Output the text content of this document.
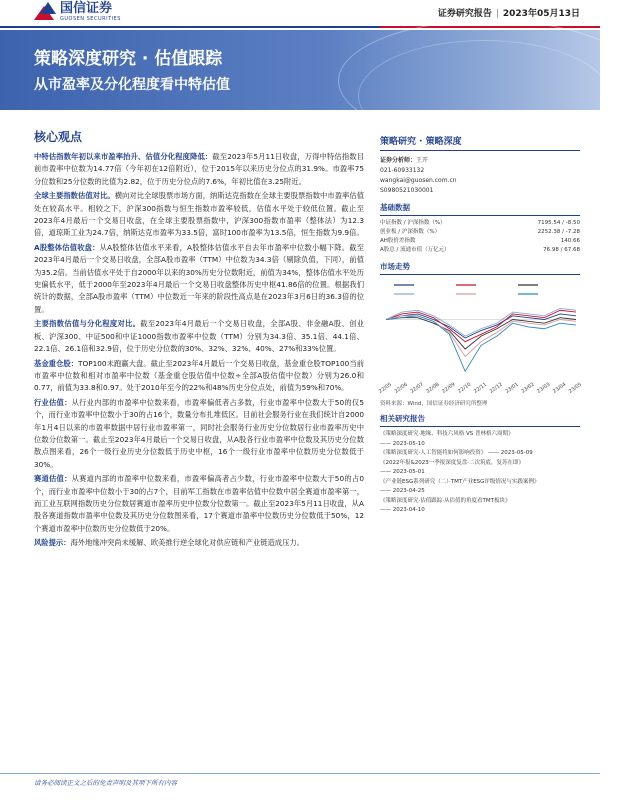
国信证券
GUOSEN SECURITIES	证券研究报告 | 2023年05月13日
策略深度研究 · 估值跟踪
从市盈率及分化程度看中特估值
核心观点

中特估指数年初以来市盈率抬升、估值分化程度降低：截至2023年5月11日收盘，万得中特估指数目前市盈率中位数为14.77倍（今年初在12倍附近），位于2015年以来历史分位点的31.9%。市盈率75分位数和25分位数的比值为2.82，位于历史分位点的7.6%，年初比值在3.25附近。

全球主要指数估值对比。横向对比全球股票市场方面，纳斯达克指数在全球主要股票指数中市盈率估值处在较高水平。相较之下，沪深300指数与恒生指数市盈率较低，估值水平处于较低位置。截止至2023年4月最后一个交易日收盘，在全球主要股票指数中，沪深300指数市盈率（整体法）为12.3倍，道琼斯工业为24.7倍，纳斯达克市盈率为33.5倍，富时100市盈率为13.5倍，恒生指数为9.9倍。

A股整体估值收盘：从A股整体估值水平来看，A股整体估值水平自去年市盈率中位数小幅下降。截至2023年4月最后一个交易日收盘，全部A股市盈率（TTM）中位数为34.3倍（剔除负值，下同），前值为35.2倍。当前估值水平处于自2000年以来的30%历史分位数附近，前值为34%，整体估值水平处历史偏低水平，低于2000年至2023年4月最后一个交易日收盘整体历史中枢41.86倍的位置。根据我们统计的数据，全部A股市盈率（TTM）中位数近一年来的阶段性高点是在2023年3月6日的36.3倍的位置。

主要指数估值与分化程度对比。截至2023年4月最后一个交易日收盘，全部A股、非金融A股、创业板、沪深300、中证500和中证1000指数市盈率中位数（TTM）分别为34.3倍、35.1倍、44.1倍、22.1倍、26.1倍和32.9倍，位于历史分位数的30%、32%、32%、40%、27%和33%位置。

基金重仓股：TOP100未跑赢大盘。截止至2023年4月最后一个交易日收盘，基金重仓股TOP100当前市盈率中位数和相对市盈率中位数（基金重仓股估值中位数÷全部A股估值中位数）分别为26.0和0.77，前值为33.8和0.97。处于2010年至今的22%和48%历史分位点处，前值为59%和70%。

行业估值：从行业内部的市盈率中位数来看，市盈率偏低者占多数，行业市盈率中位数大于50的仅5个，而行业市盈率中位数小于30的占16个，数量分布扎堆低区。目前社会服务行业在我们统计自2000年1月4日以来的市盈率数据中居行业市盈率第一，同时社会服务行业历史分位数居行业市盈率历史中位数分位数第一。截止至2023年4月最后一个交易日收盘，从A股各行业市盈率中位数及其历史分位数散点图来看，26个一级行业历史分位数低于历史中枢，16个一级行业市盈率中位数历史分位数低于30%。

赛道估值：从赛道内部的市盈率中位数来看，市盈率偏高者占少数，行业市盈率中位数大于50的占0个，而行业市盈率中位数小于30的占7个，目前军工指数在市盈率估值中位数中居全赛道市盈率第一，而工业互联网指数历史分位数居赛道市盈率历史中位数分位数第一。截止至2023年5月11日收盘，从A股各赛道指数市盈率中位数及其历史分位数图来看，17个赛道市盈率中位数历史分位数低于50%，12个赛道市盈率中位数历史分位数低于20%。

风险提示：海外地缘冲突尚未缓解、欧美推行逆全球化对供应链和产业链造成压力。

策略研究 · 策略深度
证券分析师：王开
021-60933132
wangkai@guosen.com.cn
S0980521030001
基础数据
中证指数 / 沪深指数（%）	7195.54 / -8.50
创业板 / 沪深指数（%）	2252.38 / -7.28
AH股价差指数	140.66
A股总 / 流通市值（万亿元）	76.98 / 67.68
市场走势
22/05 22/06 22/07 22/08 22/09 22/10 22/11 22/12 23/01 23/02 23/03 23/04 23/05
资料来源：Wind，国信证券经济研究所整理
相关研究报告
《策略深度研究·地缘、科技六风格 VS 普林格六周期》
—— 2023-05-10
《策略深度研究·人工智能将如何影响投资》 —— 2023-05-09
《2022年报&2023一季报深度复盘·二次筑底，复苏在即》
—— 2023-05-01
《产业链ESG系列研究（二）·TMT产业ESG评级情况与实践案例》
—— 2023-04-25
《策略深度研究·估值跟踪·从估值的角度看TMT板块》
—— 2023-04-10
请务必阅读正文之后的免责声明及其项下所有内容
